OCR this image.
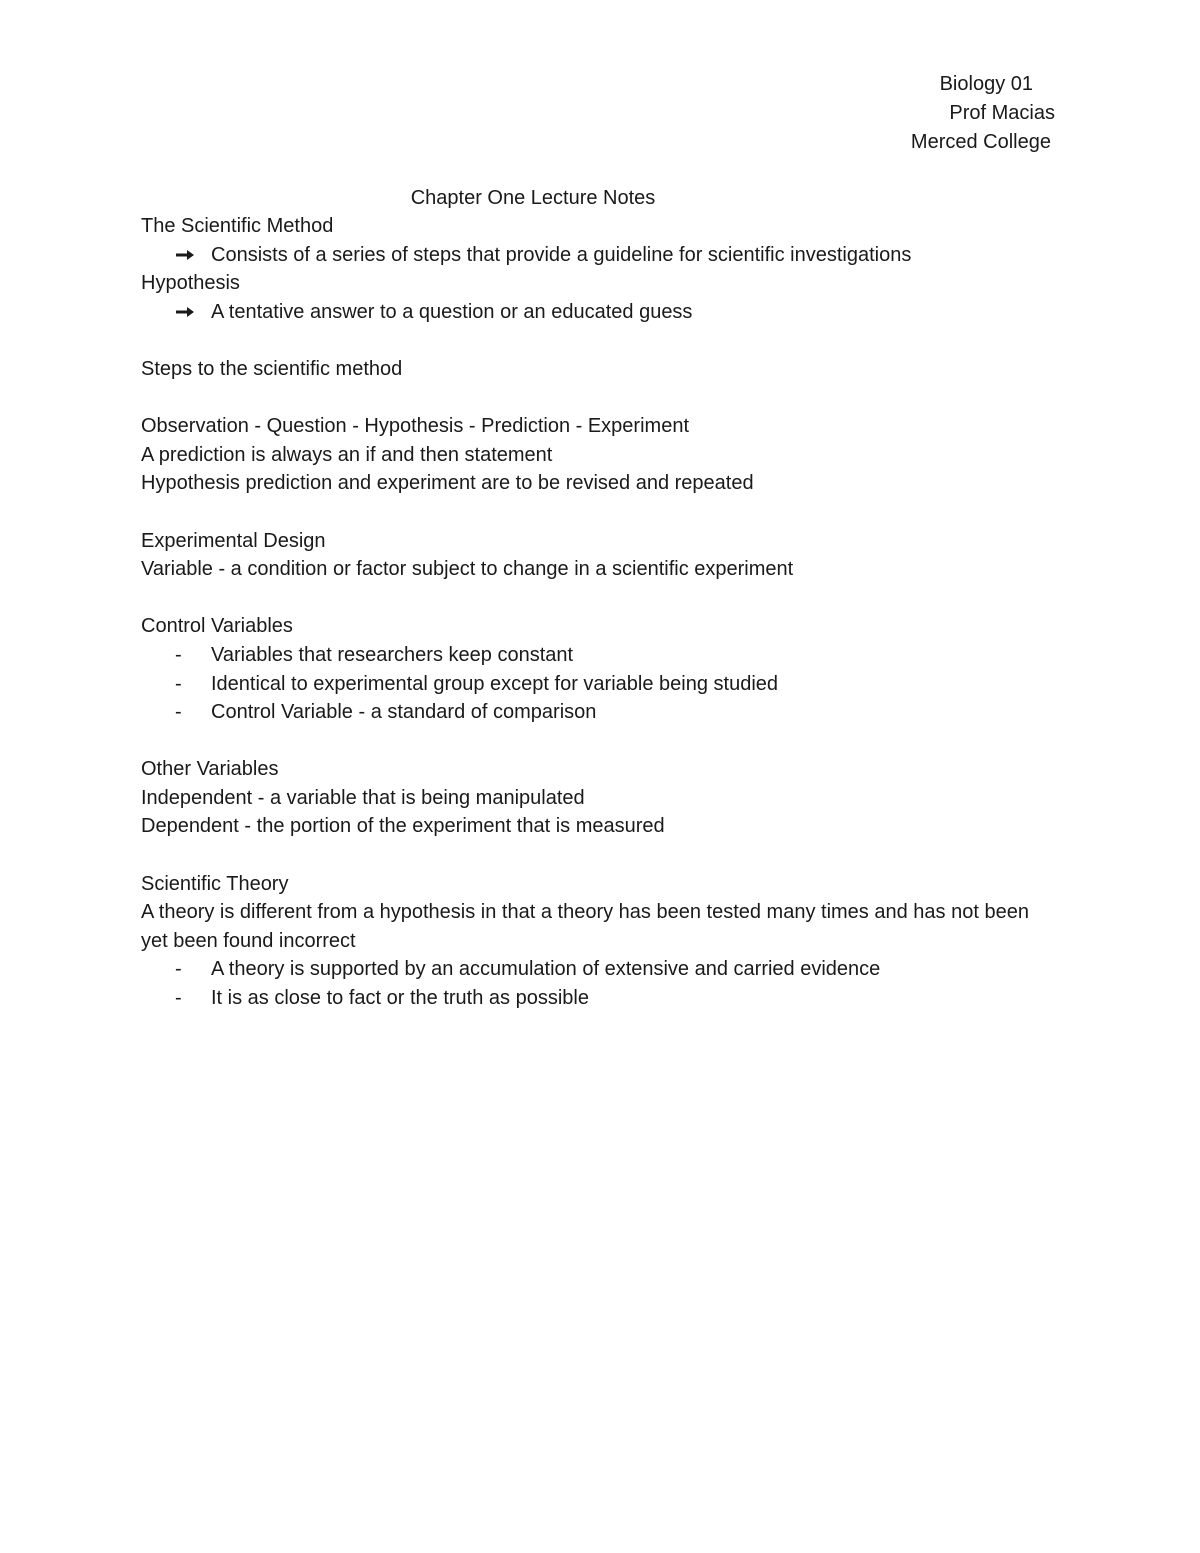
Biology 01
Prof Macias
Merced College
Chapter One Lecture Notes
The Scientific Method
Consists of a series of steps that provide a guideline for scientific investigations
Hypothesis
A tentative answer to a question or an educated guess
Steps to the scientific method
Observation - Question - Hypothesis - Prediction - Experiment
A prediction is always an if and then statement
Hypothesis prediction and experiment are to be revised and repeated
Experimental Design
Variable - a condition or factor subject to change in a scientific experiment
Control Variables
-	Variables that researchers keep constant
-	Identical to experimental group except for variable being studied
-	Control Variable - a standard of comparison
Other Variables
Independent - a variable that is being manipulated
Dependent - the portion of the experiment that is measured
Scientific Theory
A theory is different from a hypothesis in that a theory has been tested many times and has not been yet been found incorrect
-	A theory is supported by an accumulation of extensive and carried evidence
-	It is as close to fact or the truth as possible
